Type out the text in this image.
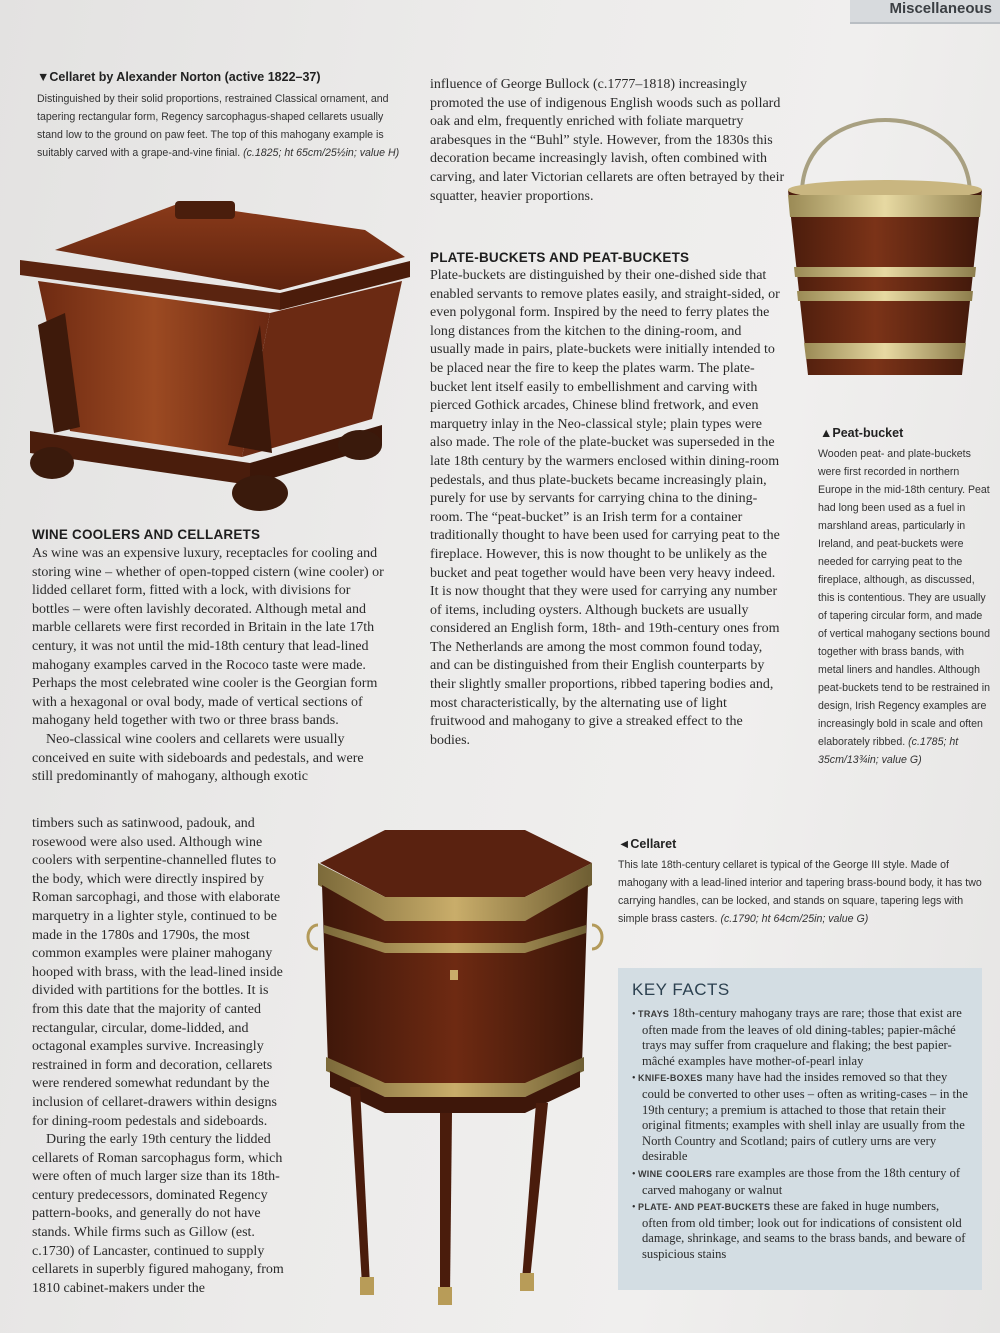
Miscellaneous
▼Cellaret by Alexander Norton (active 1822–37)
Distinguished by their solid proportions, restrained Classical ornament, and tapering rectangular form, Regency sarcophagus-shaped cellarets usually stand low to the ground on paw feet. The top of this mahogany example is suitably carved with a grape-and-vine finial. (c.1825; ht 65cm/25½in; value H)

influence of George Bullock (c.1777–1818) increasingly promoted the use of indigenous English woods such as pollard oak and elm, frequently enriched with foliate marquetry arabesques in the “Buhl” style. However, from the 1830s this decoration became increasingly lavish, often combined with carving, and later Victorian cellarets are often betrayed by their squatter, heavier proportions.

PLATE-BUCKETS AND PEAT-BUCKETS

Plate-buckets are distinguished by their one-dished side that enabled servants to remove plates easily, and straight-sided, or even polygonal form. Inspired by the need to ferry plates the long distances from the kitchen to the dining-room, and usually made in pairs, plate-buckets were initially intended to be placed near the fire to keep the plates warm. The plate-bucket lent itself easily to embellishment and carving with pierced Gothick arcades, Chinese blind fretwork, and even marquetry inlay in the Neo-classical style; plain types were also made. The role of the plate-bucket was superseded in the late 18th century by the warmers enclosed within dining-room pedestals, and thus plate-buckets became increasingly plain, purely for use by servants for carrying china to the dining-room. The “peat-bucket” is an Irish term for a container traditionally thought to have been used for carrying peat to the fireplace. However, this is now thought to be unlikely as the bucket and peat together would have been very heavy indeed. It is now thought that they were used for carrying any number of items, including oysters. Although buckets are usually considered an English form, 18th- and 19th-century ones from The Netherlands are among the most common found today, and can be distinguished from their English counterparts by their slightly smaller proportions, ribbed tapering bodies and, most characteristically, by the alternating use of light fruitwood and mahogany to give a streaked effect to the bodies.

▲Peat-bucket
Wooden peat- and plate-buckets were first recorded in northern Europe in the mid-18th century. Peat had long been used as a fuel in marshland areas, particularly in Ireland, and peat-buckets were needed for carrying peat to the fireplace, although, as discussed, this is contentious. They are usually of tapering circular form, and made of vertical mahogany sections bound together with brass bands, with metal liners and handles. Although peat-buckets tend to be restrained in design, Irish Regency examples are increasingly bold in scale and often elaborately ribbed. (c.1785; ht 35cm/13¾in; value G)
WINE COOLERS AND CELLARETS

As wine was an expensive luxury, receptacles for cooling and storing wine – whether of open-topped cistern (wine cooler) or lidded cellaret form, fitted with a lock, with divisions for bottles – were often lavishly decorated. Although metal and marble cellarets were first recorded in Britain in the late 17th century, it was not until the mid-18th century that lead-lined mahogany examples carved in the Rococo taste were made. Perhaps the most celebrated wine cooler is the Georgian form with a hexagonal or oval body, made of vertical sections of mahogany held together with two or three brass bands.

Neo-classical wine coolers and cellarets were usually conceived en suite with sideboards and pedestals, and were still predominantly of mahogany, although exotic

timbers such as satinwood, padouk, and rosewood were also used. Although wine coolers with serpentine-channelled flutes to the body, which were directly inspired by Roman sarcophagi, and those with elaborate marquetry in a lighter style, continued to be made in the 1780s and 1790s, the most common examples were plainer mahogany hooped with brass, with the lead-lined inside divided with partitions for the bottles. It is from this date that the majority of canted rectangular, circular, dome-lidded, and octagonal examples survive. Increasingly restrained in form and decoration, cellarets were rendered somewhat redundant by the inclusion of cellaret-drawers within designs for dining-room pedestals and sideboards.

During the early 19th century the lidded cellarets of Roman sarcophagus form, which were often of much larger size than its 18th-century predecessors, dominated Regency pattern-books, and generally do not have stands. While firms such as Gillow (est. c.1730) of Lancaster, continued to supply cellarets in superbly figured mahogany, from 1810 cabinet-makers under the

◄Cellaret
This late 18th-century cellaret is typical of the George III style. Made of mahogany with a lead-lined interior and tapering brass-bound body, it has two carrying handles, can be locked, and stands on square, tapering legs with simple brass casters. (c.1790; ht 64cm/25in; value G)
KEY FACTS
• TRAYS 18th-century mahogany trays are rare; those that exist are often made from the leaves of old dining-tables; papier-mâché trays may suffer from craquelure and flaking; the best papier-mâché examples have mother-of-pearl inlay
• KNIFE-BOXES many have had the insides removed so that they could be converted to other uses – often as writing-cases – in the 19th century; a premium is attached to those that retain their original fitments; examples with shell inlay are usually from the North Country and Scotland; pairs of cutlery urns are very desirable
• WINE COOLERS rare examples are those from the 18th century of carved mahogany or walnut
• PLATE- AND PEAT-BUCKETS these are faked in huge numbers, often from old timber; look out for indications of consistent old damage, shrinkage, and seams to the brass bands, and beware of suspicious stains
